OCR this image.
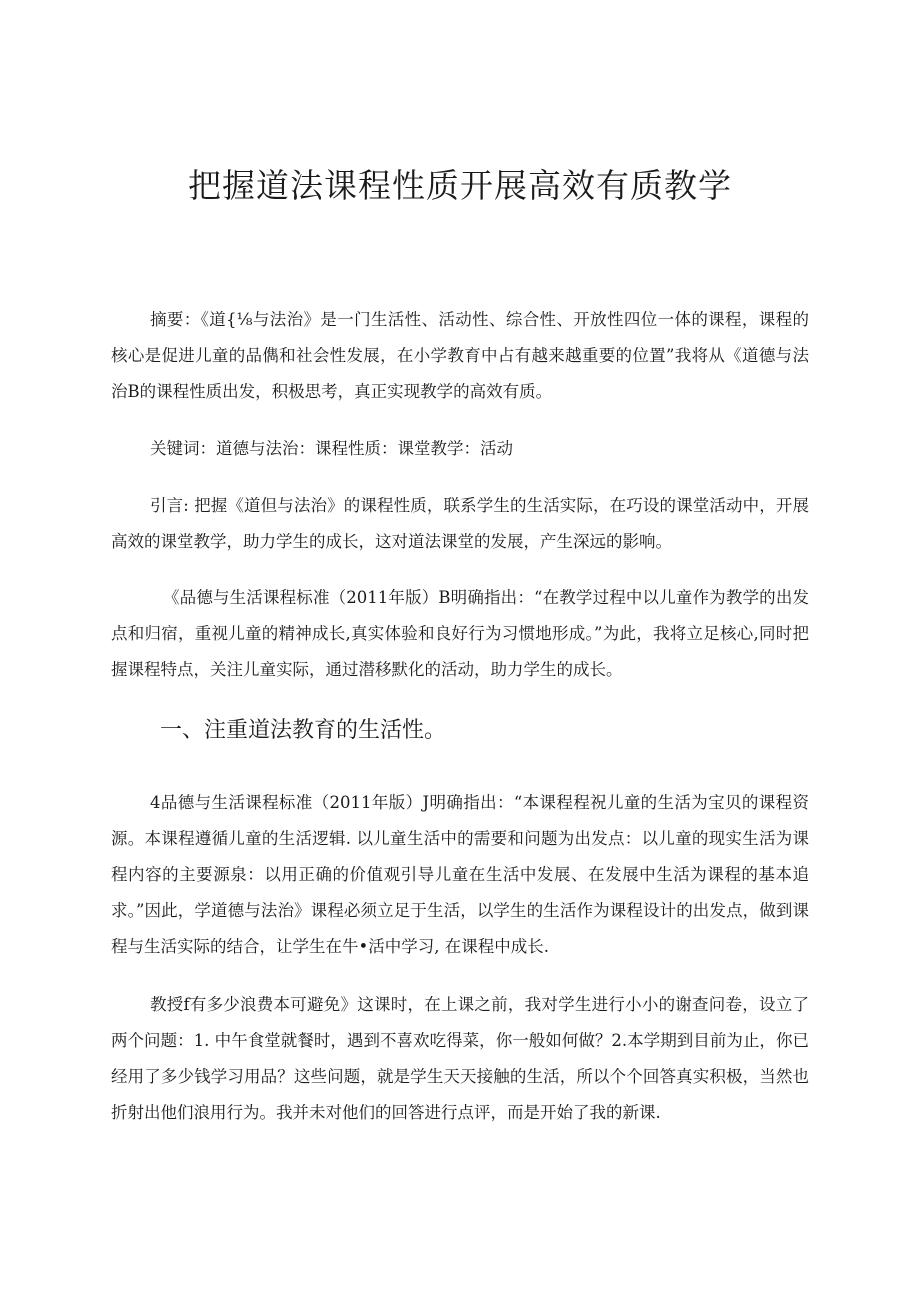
把握道法课程性质开展高效有质教学

摘要：《道{⅛与法治》是一门生活性、活动性、综合性、开放性四位一体的课程，课程的核心是促进儿童的品儁和社会性发展，在小学教育中占有越来越重要的位置”我将从《道德与法治B的课程性质出发，积极思考，真正实现教学的高效有质。

关键词：道德与法治：课程性质：课堂教学：活动

引言: 把握《道但与法治》的课程性质，联系学生的生活实际，在巧设的课堂活动中，开展高效的课堂教学，助力学生的成长，这对道法课堂的发展，产生深远的影响。

《品德与生活课程标准（2011年版）B明确指出：“在教学过程中以儿童作为教学的出发点和归宿，重视儿童的精神成长,真实体验和良好行为习惯地形成。”为此，我将立足核心,同时把握课程特点，关注儿童实际，通过潜移默化的活动，助力学生的成长。

一、注重道法教育的生活性。

4品德与生活课程标准（2011年版）J明确指出：“本课程程祝儿童的生活为宝贝的课程资源。本课程遵循儿童的生活逻辑. 以儿童生活中的需要和问题为出发点：以儿童的现实生活为课程内容的主要源泉：以用正确的价值观引导儿童在生活中发展、在发展中生活为课程的基本追求。”因此，学道德与法治》课程必须立足于生活，以学生的生活作为课程设计的出发点，做到课程与生活实际的结合，让学生在牛•活中学习, 在课程中成长.

教授f有多少浪费本可避免》这课时，在上课之前，我对学生进行小小的谢查问卷，设立了两个问题：1. 中午食堂就餐时，遇到不喜欢吃得菜，你一般如何做？2.本学期到目前为止，你已经用了多少钱学习用品？这些问题，就是学生天天接触的生活，所以个个回答真实积极，当然也折射出他们浪用行为。我并未对他们的回答进行点评，而是开始了我的新课.
